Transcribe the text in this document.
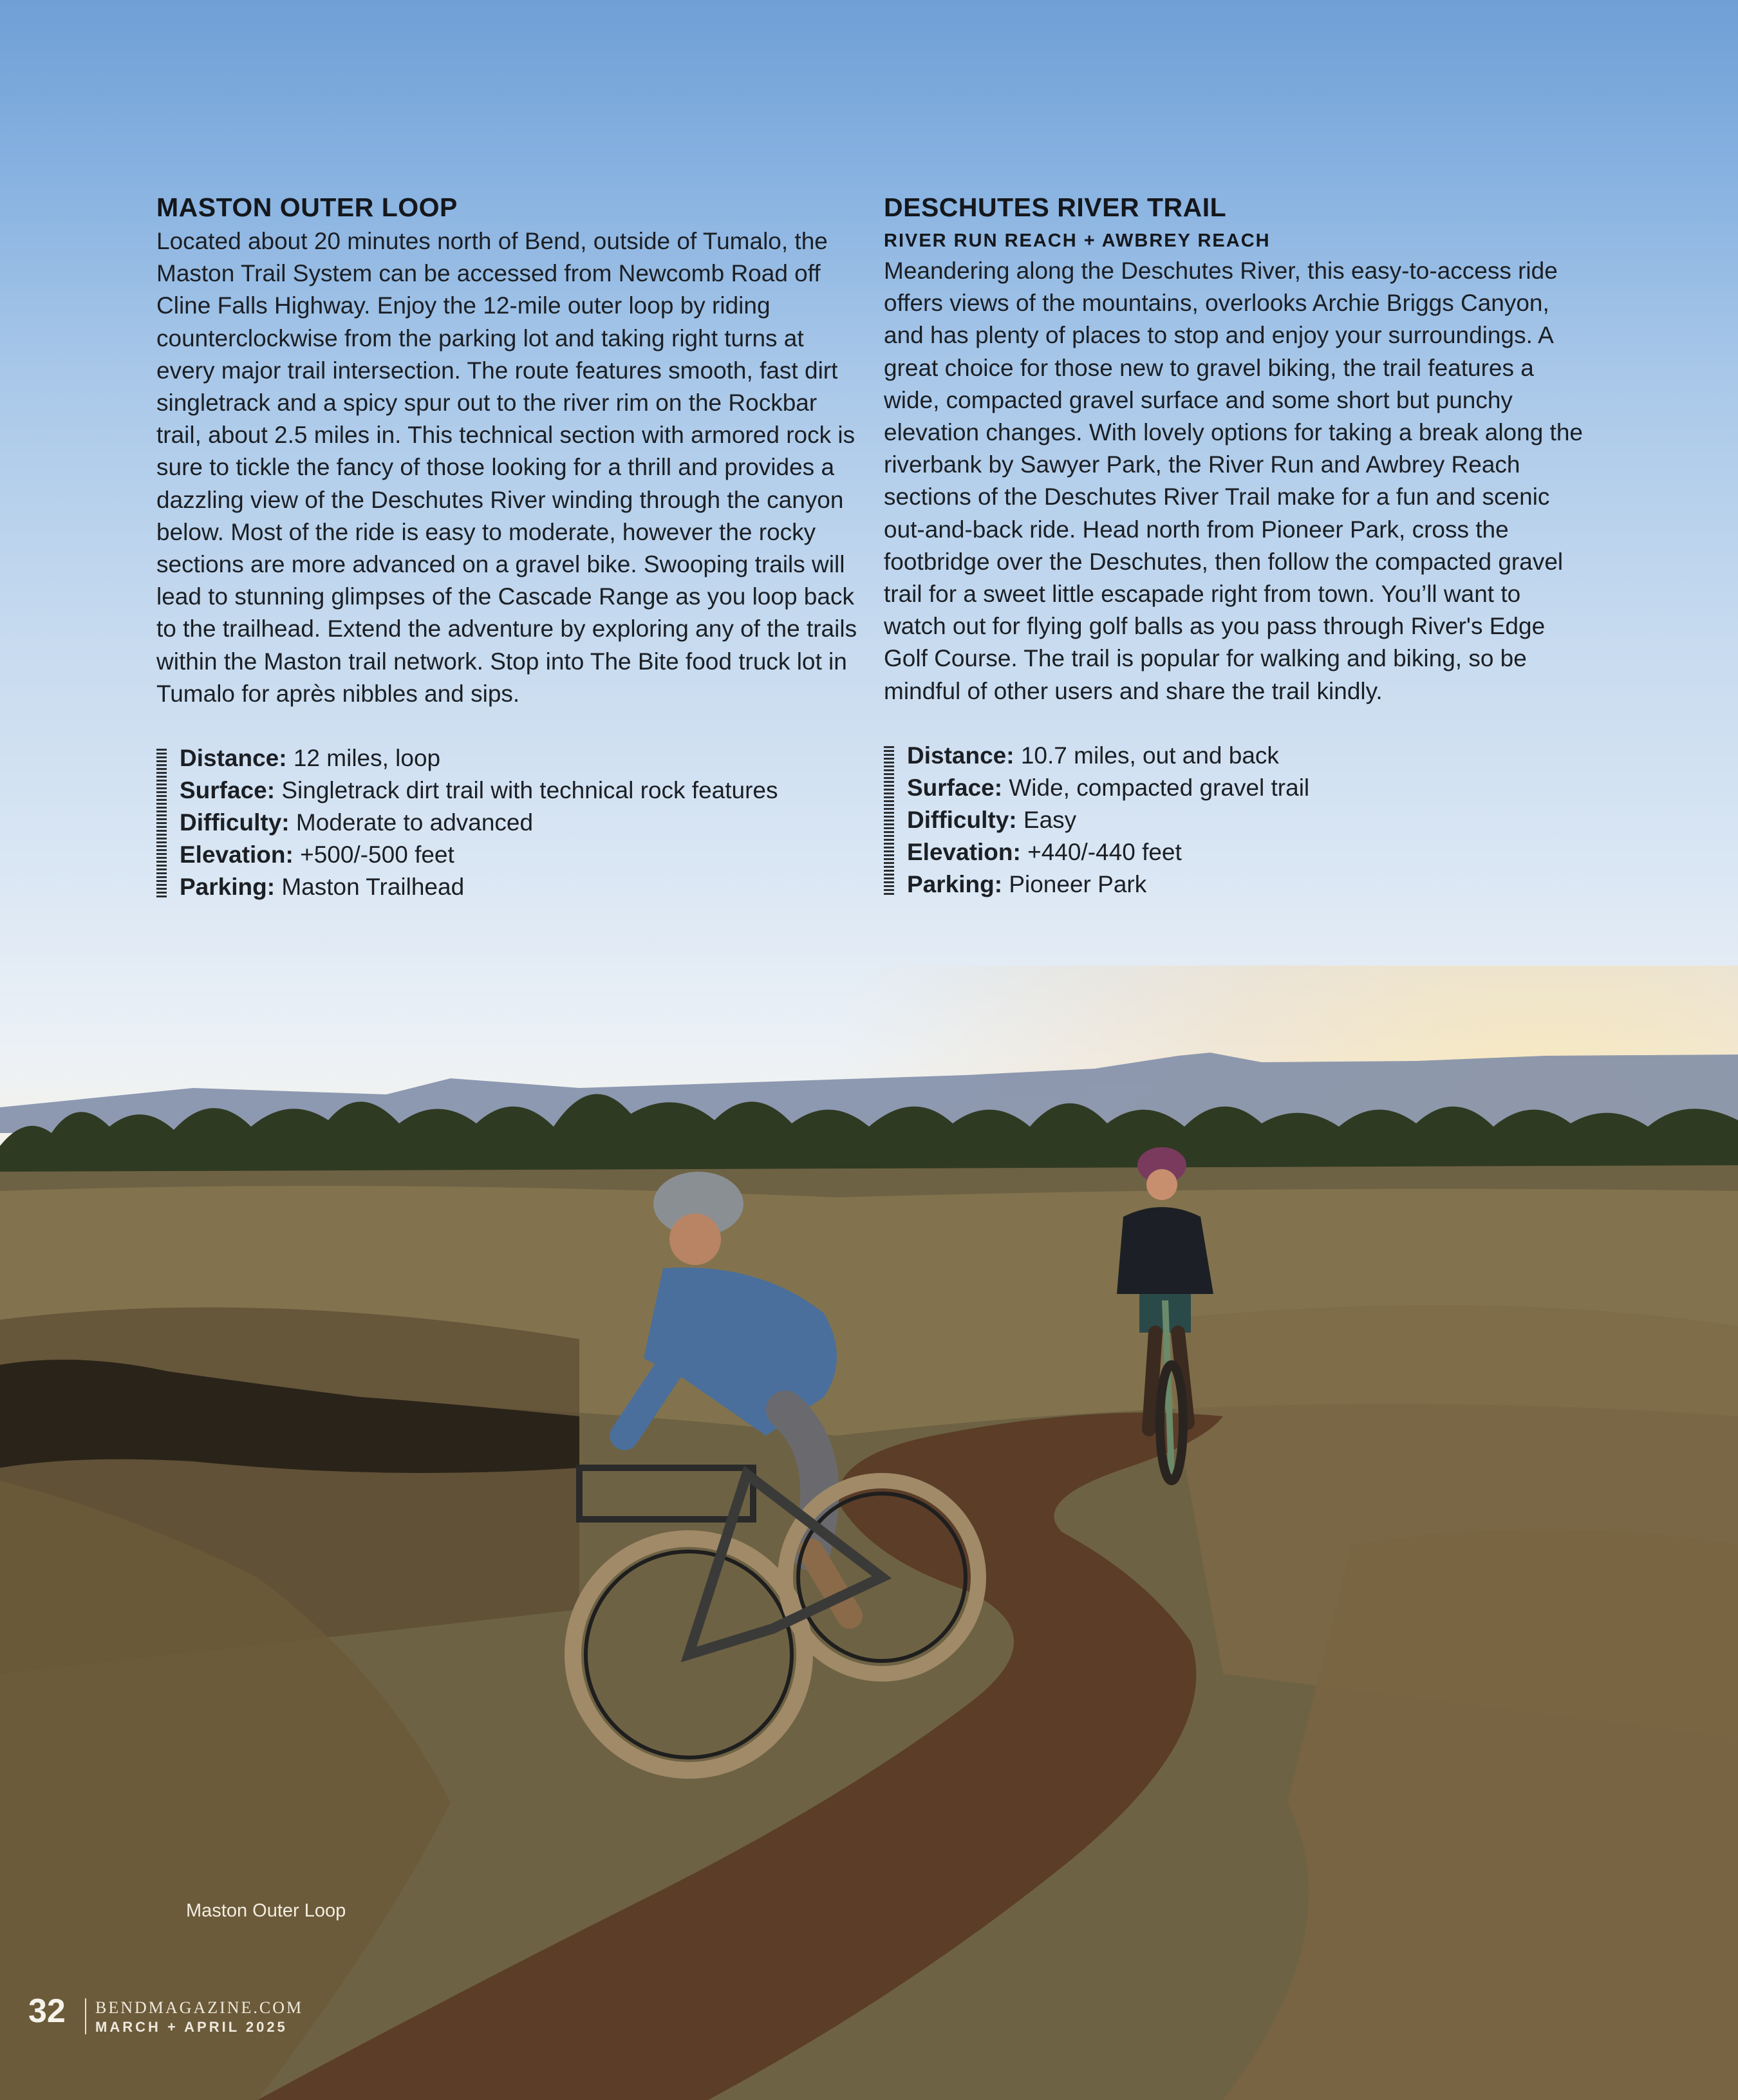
MASTON OUTER LOOP

Located about 20 minutes north of Bend, outside of Tumalo, the Maston Trail System can be accessed from Newcomb Road off Cline Falls Highway. Enjoy the 12-mile outer loop by riding counterclockwise from the parking lot and taking right turns at every major trail intersection. The route features smooth, fast dirt singletrack and a spicy spur out to the river rim on the Rockbar trail, about 2.5 miles in. This technical section with armored rock is sure to tickle the fancy of those looking for a thrill and provides a dazzling view of the Deschutes River winding through the canyon below. Most of the ride is easy to moderate, however the rocky sections are more advanced on a gravel bike. Swooping trails will lead to stunning glimpses of the Cascade Range as you loop back to the trailhead. Extend the adventure by exploring any of the trails within the Maston trail network. Stop into The Bite food truck lot in Tumalo for après nibbles and sips.

Distance: 12 miles, loop
Surface: Singletrack dirt trail with technical rock features
Difficulty: Moderate to advanced
Elevation: +500/-500 feet
Parking: Maston Trailhead
DESCHUTES RIVER TRAIL
RIVER RUN REACH + AWBREY REACH

Meandering along the Deschutes River, this easy-to-access ride offers views of the mountains, overlooks Archie Briggs Canyon, and has plenty of places to stop and enjoy your surroundings. A great choice for those new to gravel biking, the trail features a wide, compacted gravel surface and some short but punchy elevation changes. With lovely options for taking a break along the riverbank by Sawyer Park, the River Run and Awbrey Reach sections of the Deschutes River Trail make for a fun and scenic out-and-back ride. Head north from Pioneer Park, cross the footbridge over the Deschutes, then follow the compacted gravel trail for a sweet little escapade right from town. You’ll want to watch out for flying golf balls as you pass through River's Edge Golf Course. The trail is popular for walking and biking, so be mindful of other users and share the trail kindly.

Distance: 10.7 miles, out and back
Surface: Wide, compacted gravel trail
Difficulty: Easy
Elevation: +440/-440 feet
Parking: Pioneer Park
Maston Outer Loop
32 BENDMAGAZINE.COM
MARCH + APRIL 2025
